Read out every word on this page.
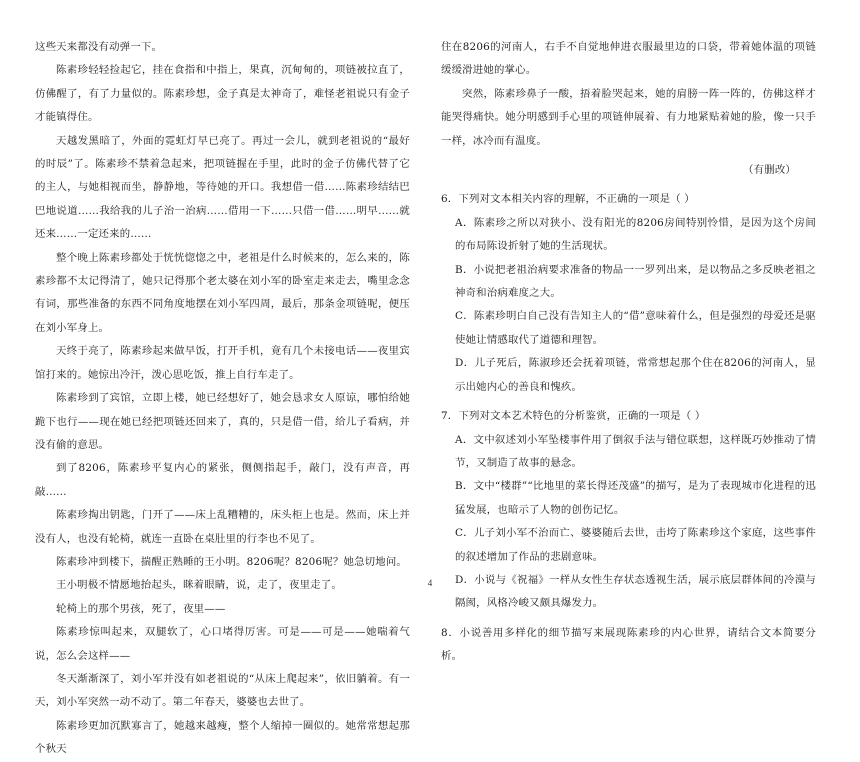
这些天来都没有动弹一下。

陈素珍轻轻捡起它，挂在食指和中指上，果真，沉甸甸的，项链被拉直了，仿佛醒了，有了力量似的。陈素珍想，金子真是太神奇了，难怪老祖说只有金子才能镇得住。

天越发黑暗了，外面的霓虹灯早已亮了。再过一会儿，就到老祖说的“最好的时辰”了。陈素珍不禁着急起来，把项链握在手里，此时的金子仿佛代替了它的主人，与她相视而坐，静静地，等待她的开口。我想借一借……陈素珍结结巴巴地说道……我给我的儿子治一治病……借用一下……只借一借……明早……就还来……一定还来的……

整个晚上陈素珍都处于恍恍惚惚之中，老祖是什么时候来的，怎么来的，陈素珍都不太记得清了，她只记得那个老太婆在刘小军的卧室走来走去，嘴里念念有词，那些准备的东西不同角度地摆在刘小军四周，最后，那条金项链呢，便压在刘小军身上。

天终于亮了，陈素珍起来做早饭，打开手机，竟有几个未接电话——夜里宾馆打来的。她惊出冷汗，泼心思吃饭，推上自行车走了。

陈素珍到了宾馆，立即上楼，她已经想好了，她会恳求女人原谅，哪怕给她跪下也行——现在她已经把项链还回来了，真的，只是借一借，给儿子看病，并没有偷的意思。

到了8206，陈素珍平复内心的紧张，侧侧指起手，敲门，没有声音，再敲……

陈素珍掏出钥匙，门开了——床上乱糟糟的，床头柜上也是。然而，床上并没有人，也没有轮椅，就连一直卧在桌肚里的行李也不见了。

陈素珍冲到楼下，揣醒正熟睡的王小明。8206呢？8206呢？她急切地问。

王小明极不情愿地抬起头，眯着眼睛，说，走了，夜里走了。

轮椅上的那个男孩，死了，夜里——

陈素珍惊叫起来，双腿软了，心口堵得厉害。可是——可是——她喘着气说，怎么会这样——

冬天渐渐深了，刘小军并没有如老祖说的“从床上爬起来”，依旧躺着。有一天，刘小军突然一动不动了。第二年春天，婆婆也去世了。

陈素珍更加沉默寡言了，她越来越瘦，整个人缩掉一圈似的。她常常想起那个秋天

住在8206的河南人，右手不自觉地伸进衣服最里边的口袋，带着她体温的项链缓缓滑进她的掌心。

突然，陈素珍鼻子一酸，捂着脸哭起来，她的肩膀一阵一阵的，仿佛这样才能哭得痛快。她分明感到手心里的项链伸展着、有力地紧贴着她的脸，像一只手一样，冰冷而有温度。

（有删改）

6．下列对文本相关内容的理解，不正确的一项是（ ）

A．陈素珍之所以对狭小、没有阳光的8206房间特别怜惜，是因为这个房间的布局陈设折射了她的生活现状。

B．小说把老祖治病要求准备的物品一一罗列出来，是以物品之多反映老祖之神奇和治病难度之大。

C．陈素珍明白自己没有告知主人的“借”意味着什么，但是强烈的母爱还是驱使她让情感取代了道德和理智。

D．儿子死后，陈淑珍还会抚着项链，常常想起那个住在8206的河南人，显示出她内心的善良和愧疚。

7．下列对文本艺术特色的分析鉴赏，正确的一项是（ ）

A．文中叙述刘小军坠楼事件用了倒叙手法与错位联想，这样既巧妙推动了情节，又制造了故事的悬念。

B．文中“楼群”“比地里的菜长得还茂盛”的描写，是为了表现城市化进程的迅猛发展，也暗示了人物的创伤记忆。

C．儿子刘小军不治而亡、婆婆随后去世，击垮了陈素珍这个家庭，这些事件的叙述增加了作品的悲剧意味。

D．小说与《祝福》一样从女性生存状态透视生活，展示底层群体间的冷漠与隔阂，风格冷峻又颇具爆发力。

8．小说善用多样化的细节描写来展现陈素珍的内心世界，请结合文本简要分析。

4
